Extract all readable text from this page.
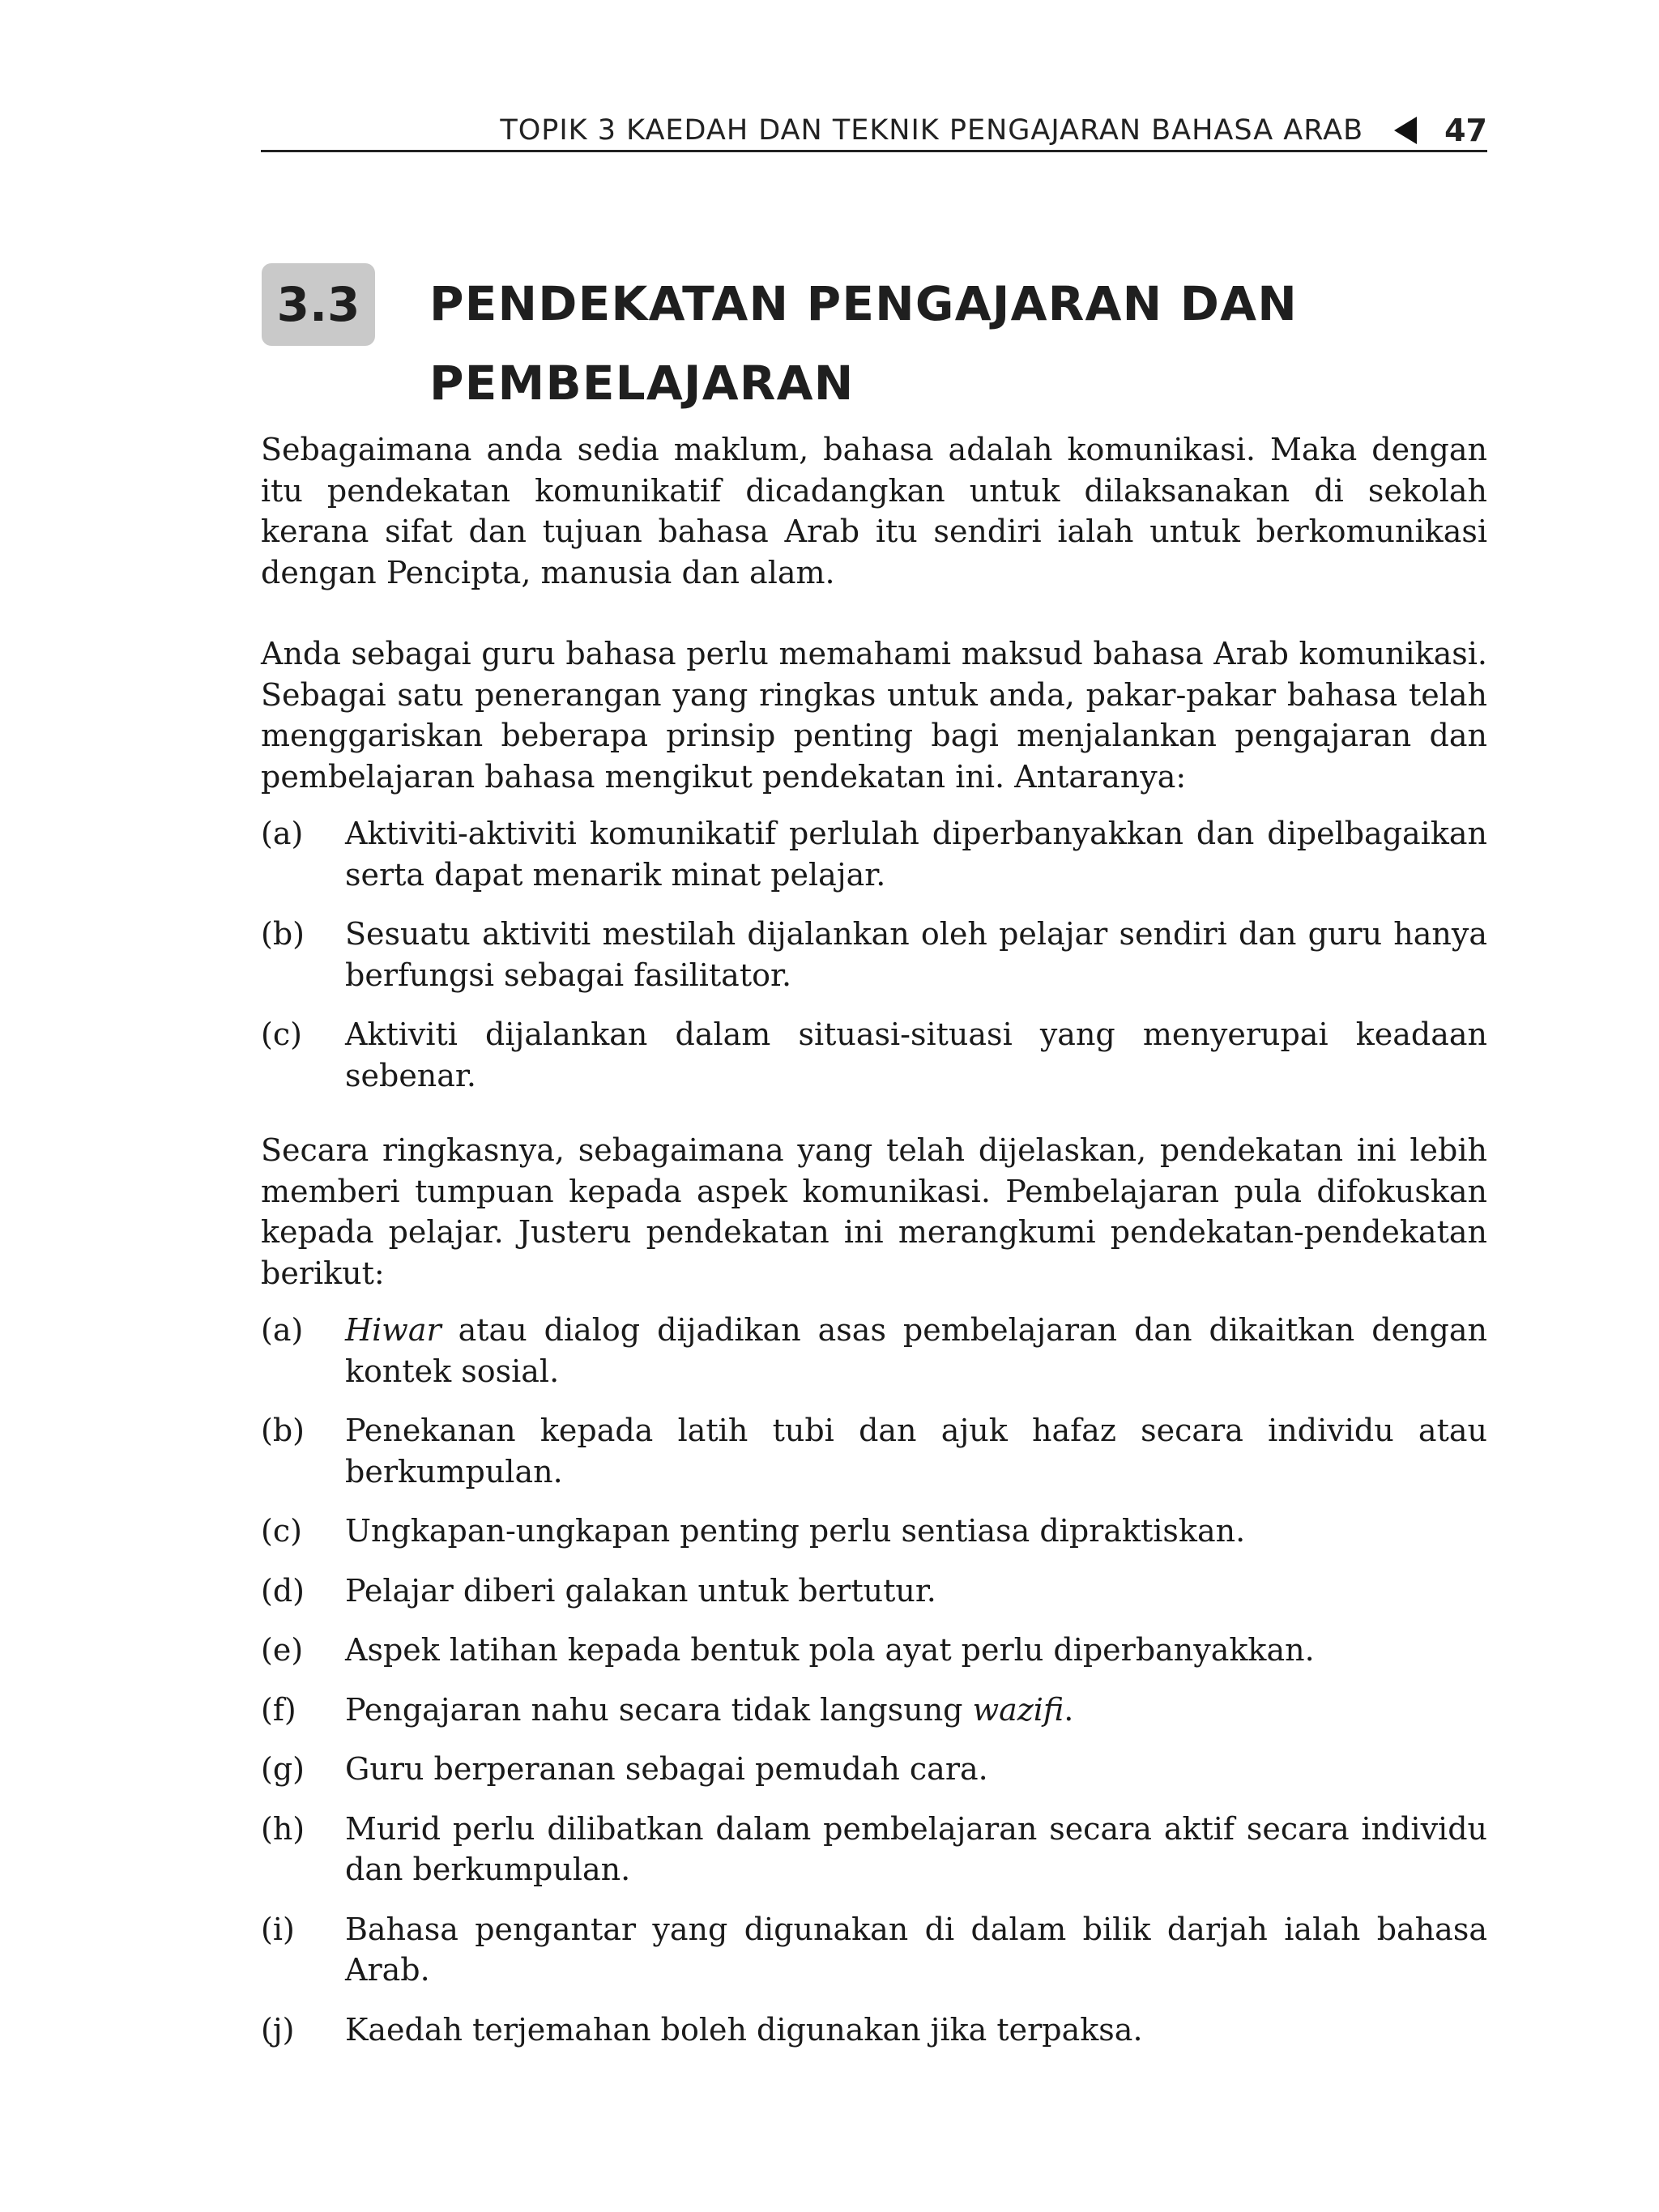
TOPIK 3 KAEDAH DAN TEKNIK PENGAJARAN BAHASA ARAB	47
3.3	PENDEKATAN PENGAJARAN DAN
PEMBELAJARAN

Sebagaimana anda sedia maklum, bahasa adalah komunikasi. Maka dengan itu pendekatan komunikatif dicadangkan untuk dilaksanakan di sekolah kerana sifat dan tujuan bahasa Arab itu sendiri ialah untuk berkomunikasi dengan Pencipta, manusia dan alam.

Anda sebagai guru bahasa perlu memahami maksud bahasa Arab komunikasi. Sebagai satu penerangan yang ringkas untuk anda, pakar-pakar bahasa telah menggariskan beberapa prinsip penting bagi menjalankan pengajaran dan pembelajaran bahasa mengikut pendekatan ini. Antaranya:

(a) Aktiviti-aktiviti komunikatif perlulah diperbanyakkan dan dipelbagaikan serta dapat menarik minat pelajar.
(b) Sesuatu aktiviti mestilah dijalankan oleh pelajar sendiri dan guru hanya berfungsi sebagai fasilitator.
(c) Aktiviti dijalankan dalam situasi-situasi yang menyerupai keadaan sebenar.

Secara ringkasnya, sebagaimana yang telah dijelaskan, pendekatan ini lebih memberi tumpuan kepada aspek komunikasi. Pembelajaran pula difokuskan kepada pelajar. Justeru pendekatan ini merangkumi pendekatan-pendekatan berikut:

(a) Hiwar atau dialog dijadikan asas pembelajaran dan dikaitkan dengan kontek sosial.
(b) Penekanan kepada latih tubi dan ajuk hafaz secara individu atau berkumpulan.
(c) Ungkapan-ungkapan penting perlu sentiasa dipraktiskan.
(d) Pelajar diberi galakan untuk bertutur.
(e) Aspek latihan kepada bentuk pola ayat perlu diperbanyakkan.
(f) Pengajaran nahu secara tidak langsung wazifi.
(g) Guru berperanan sebagai pemudah cara.
(h) Murid perlu dilibatkan dalam pembelajaran secara aktif secara individu dan berkumpulan.
(i) Bahasa pengantar yang digunakan di dalam bilik darjah ialah bahasa Arab.
(j) Kaedah terjemahan boleh digunakan jika terpaksa.
